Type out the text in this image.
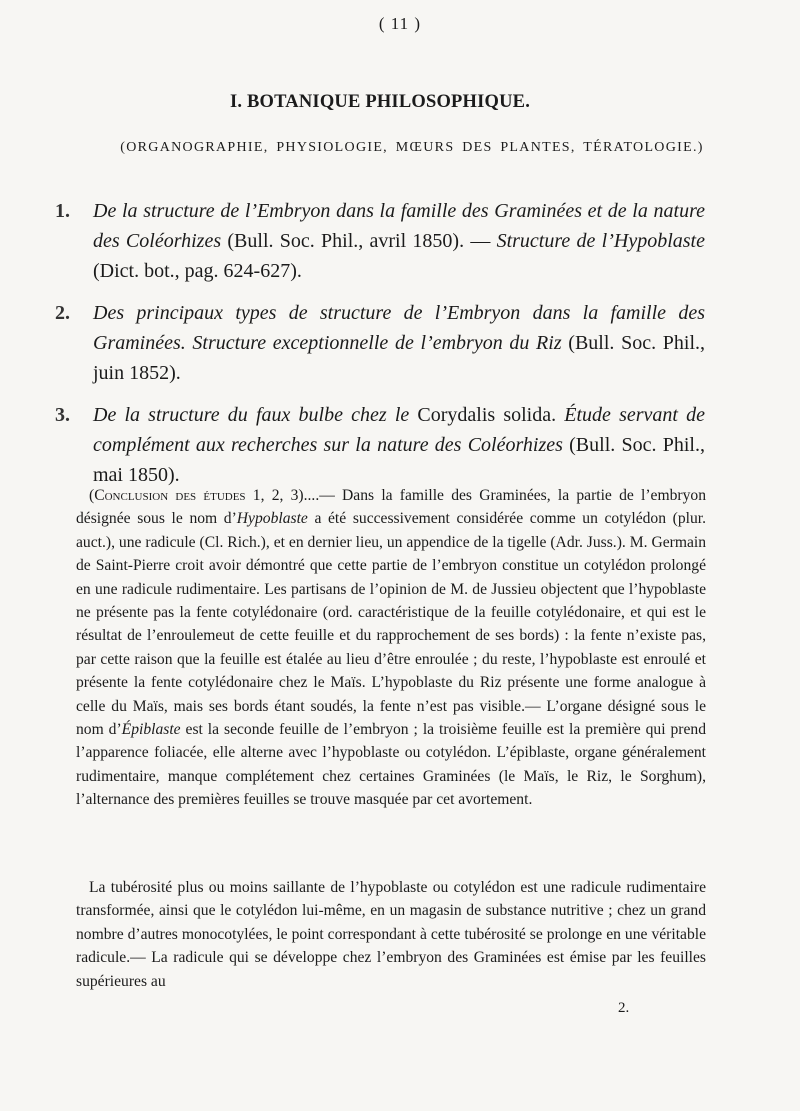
( 11 )
I. BOTANIQUE PHILOSOPHIQUE.
(ORGANOGRAPHIE, PHYSIOLOGIE, MŒURS DES PLANTES, TÉRATOLOGIE.)
1.	De la structure de l’Embryon dans la famille des Graminées et de la nature des Coléorhizes (Bull. Soc. Phil., avril 1850). — Structure de l’Hypoblaste (Dict. bot., pag. 624-627).
2.	Des principaux types de structure de l’Embryon dans la famille des Graminées. Structure exceptionnelle de l’embryon du Riz (Bull. Soc. Phil., juin 1852).
3.	De la structure du faux bulbe chez le Corydalis solida. Étude servant de complément aux recherches sur la nature des Coléorhizes (Bull. Soc. Phil., mai 1850).
(Conclusion des études 1, 2, 3)....— Dans la famille des Graminées, la partie de l’embryon désignée sous le nom d’Hypoblaste a été successivement considérée comme un cotylédon (plur. auct.), une radicule (Cl. Rich.), et en dernier lieu, un appendice de la tigelle (Adr. Juss.). M. Germain de Saint-Pierre croit avoir démontré que cette partie de l’embryon constitue un cotylédon prolongé en une radicule rudimentaire. Les partisans de l’opinion de M. de Jussieu objectent que l’hypoblaste ne présente pas la fente cotylédonaire (ord. caractéristique de la feuille cotylédonaire, et qui est le résultat de l’enroulemeut de cette feuille et du rapprochement de ses bords) : la fente n’existe pas, par cette raison que la feuille est étalée au lieu d’être enroulée ; du reste, l’hypoblaste est enroulé et présente la fente cotylédonaire chez le Maïs. L’hypoblaste du Riz présente une forme analogue à celle du Maïs, mais ses bords étant soudés, la fente n’est pas visible.— L’organe désigné sous le nom d’Épiblaste est la seconde feuille de l’embryon ; la troisième feuille est la première qui prend l’apparence foliacée, elle alterne avec l’hypoblaste ou cotylédon. L’épiblaste, organe généralement rudimentaire, manque complétement chez certaines Graminées (le Maïs, le Riz, le Sorghum), l’alternance des premières feuilles se trouve masquée par cet avortement.
La tubérosité plus ou moins saillante de l’hypoblaste ou cotylédon est une radicule rudimentaire transformée, ainsi que le cotylédon lui-même, en un magasin de substance nutritive ; chez un grand nombre d’autres monocotylées, le point correspondant à cette tubérosité se prolonge en une véritable radicule.— La radicule qui se développe chez l’embryon des Graminées est émise par les feuilles supérieures au
2.
